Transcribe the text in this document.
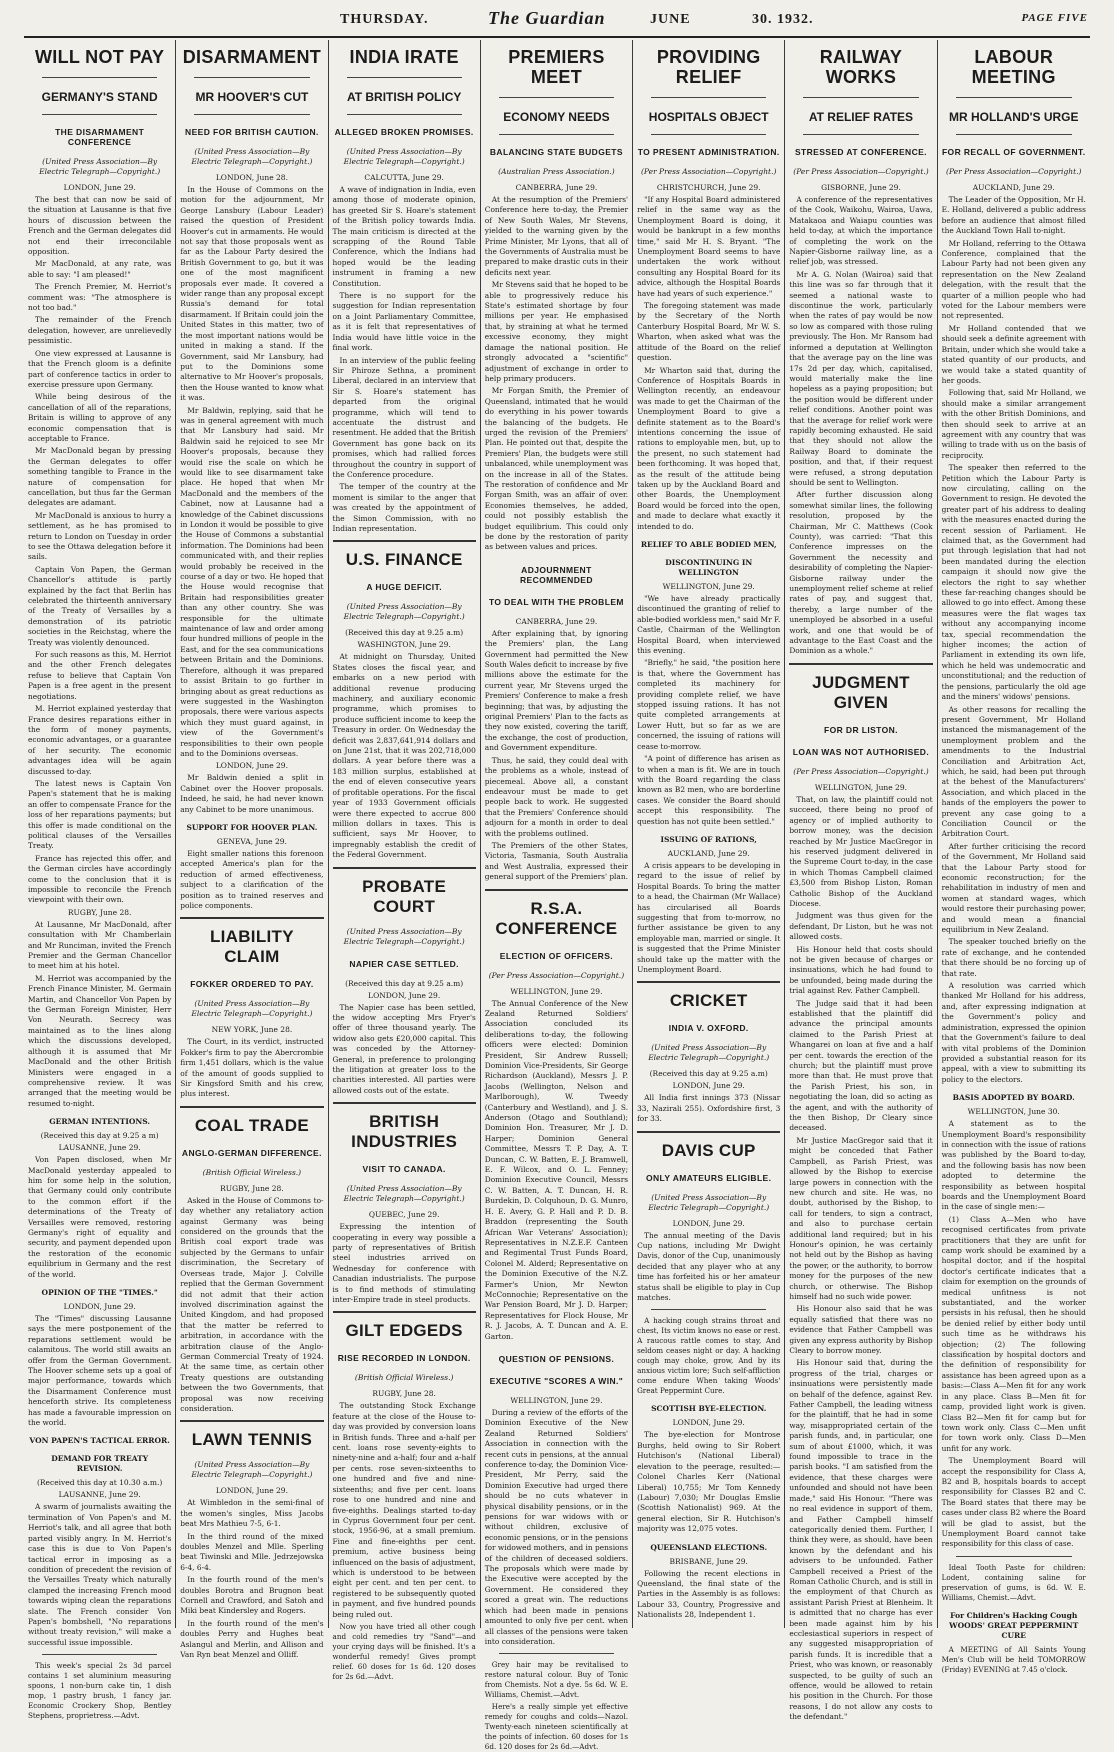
THURSDAY.	The Guardian	JUNE	30. 1932.	PAGE FIVE
WILL NOT PAY
GERMANY'S STAND
THE DISARMAMENT CONFERENCE
(United Press Association—By Electric Telegraph—Copyright.)
LONDON, June 29.

The best that can now be said of the situation at Lausanne is that five hours of discussion between the French and the German delegates did not end their irreconcilable opposition.

Mr MacDonald, at any rate, was able to say: "I am pleased!"

The French Premier, M. Herriot's comment was: "The atmosphere is not too bad."

The remainder of the French delegation, however, are unrelievedly pessimistic.

One view expressed at Lausanne is that the French gloom is a definite part of conference tactics in order to exercise pressure upon Germany.

While being desirous of the cancellation of all of the reparations, Britain is willing to approve of any economic compensation that is acceptable to France.

Mr MacDonald began by pressing the German delegates to offer something tangible to France in the nature of compensation for cancellation, but thus far the German delegates are adamant.

Mr MacDonald is anxious to hurry a settlement, as he has promised to return to London on Tuesday in order to see the Ottawa delegation before it sails.

Captain Von Papen, the German Chancellor's attitude is partly explained by the fact that Berlin has celebrated the thirteenth anniversary of the Treaty of Versailles by a demonstration of its patriotic societies in the Reichstag, where the Treaty was violently denounced.

For such reasons as this, M. Herriot and the other French delegates refuse to believe that Captain Von Papen is a free agent in the present negotiations.

M. Herriot explained yesterday that France desires reparations either in the form of money payments, economic advantages, or a guarantee of her security. The economic advantages idea will be again discussed to-day.

The latest news is Captain Von Papen's statement that he is making an offer to compensate France for the loss of her reparations payments; but this offer is made conditional on the political clauses of the Versailles Treaty.

France has rejected this offer, and the German circles have accordingly come to the conclusion that it is impossible to reconcile the French viewpoint with their own.

RUGBY, June 28.

At Lausanne, Mr MacDonald, after consultation with Mr Chamberlain and Mr Runciman, invited the French Premier and the German Chancellor to meet him at his hotel.

M. Herriot was accompanied by the French Finance Minister, M. Germain Martin, and Chancellor Von Papen by the German Foreign Minister, Herr Von Neurath. Secrecy was maintained as to the lines along which the discussions developed, although it is assumed that Mr MacDonald and the other British Ministers were engaged in a comprehensive review. It was arranged that the meeting would be resumed to-night.

GERMAN INTENTIONS.
(Received this day at 9.25 a m)
LAUSANNE, June 29.

Von Papen disclosed, when Mr MacDonald yesterday appealed to him for some help in the solution, that Germany could only contribute to the common effort if the determinations of the Treaty of Versailles were removed, restoring Germany's right of equality and security, and payment depended upon the restoration of the economic equilibrium in Germany and the rest of the world.

OPINION OF THE "TIMES."
LONDON, June 29.

The "Times" discussing Lausanne says the mere postponement of the reparations settlement would be calamitous. The world still awaits an offer from the German Government. The Hoover scheme sets up a goal of major performance, towards which the Disarmament Conference must henceforth strive. Its completeness has made a favourable impression on the world.

VON PAPEN'S TACTICAL ERROR.
DEMAND FOR TREATY REVISION.
(Received this day at 10.30 a.m.)
LAUSANNE, June 29.

A swarm of journalists awaiting the termination of Von Papen's and M. Herriot's talk, and all agree that both parted visibly angry. In M. Herriot's case this is due to Von Papen's tactical error in imposing as a condition of precedent the revision of the Versailles Treaty which naturally clamped the increasing French mood towards wiping clean the reparations slate. The French consider Von Papen's bombshell, "No reparations without treaty revision," will make a successful issue impossible.

This week's special 2s 3d parcel contains 1 set aluminium measuring spoons, 1 non-burn cake tin, 1 dish mop, 1 pastry brush, 1 fancy jar. Economic Crockery Shop, Bentley Stephens, proprietress.—Advt.

DISARMAMENT
MR HOOVER'S CUT
NEED FOR BRITISH CAUTION.
(United Press Association—By Electric Telegraph—Copyright.)
LONDON, June 28.

In the House of Commons on the motion for the adjournment, Mr George Lansbury (Labour Leader) raised the question of President Hoover's cut in armaments. He would not say that those proposals went as far as the Labour Party desired the British Government to go, but it was one of the most magnificent proposals ever made. It covered a wider range than any proposal except Russia's demand for total disarmament. If Britain could join the United States in this matter, two of the most important nations would be united in making a stand. If the Government, said Mr Lansbury, had put to the Dominions some alternative to Mr Hoover's proposals, then the House wanted to know what it was.

Mr Baldwin, replying, said that he was in general agreement with much that Mr Lansbury had said. Mr Baldwin said he rejoiced to see Mr Hoover's proposals, because they would rise the scale on which he would like to see disarmament take place. He hoped that when Mr MacDonald and the members of the Cabinet, now at Lausanne had a knowledge of the Cabinet discussions in London it would be possible to give the House of Commons a substantial information. The Dominions had been communicated with, and their replies would probably be received in the course of a day or two. He hoped that the House would recognise that Britain had responsibilities greater than any other country. She was responsible for the ultimate maintenance of law and order among four hundred millions of people in the East, and for the sea communications between Britain and the Dominions. Therefore, although it was prepared to assist Britain to go further in bringing about as great reductions as were suggested in the Washington proposals, there were various aspects which they must guard against, in view of the Government's responsibilities to their own people and to the Dominions overseas.

LONDON, June 29.

Mr Baldwin denied a split in Cabinet over the Hoover proposals. Indeed, he said, he had never known any Cabinet to be more unanimous.

SUPPORT FOR HOOVER PLAN.
GENEVA, June 29.

Eight smaller nations this forenoon accepted America's plan for the reduction of armed effectiveness, subject to a clarification of the position as to trained reserves and police components.

LIABILITY CLAIM
FOKKER ORDERED TO PAY.
(United Press Association—By Electric Telegraph—Copyright.)
NEW YORK, June 28.

The Court, in its verdict, instructed Fokker's firm to pay the Abercrombie firm 1,451 dollars, which is the value of the amount of goods supplied to Sir Kingsford Smith and his crew, plus interest.

COAL TRADE
ANGLO-GERMAN DIFFERENCE.
(British Official Wireless.)
RUGBY, June 28.

Asked in the House of Commons to-day whether any retaliatory action against Germany was being considered on the grounds that the British coal export trade was subjected by the Germans to unfair discrimination, the Secretary of Overseas trade, Major J. Colville replied that the German Government did not admit that their action involved discrimination against the United Kingdom, and had proposed that the matter be referred to arbitration, in accordance with the arbitration clause of the Anglo-German Commercial Treaty of 1924. At the same time, as certain other Treaty questions are outstanding between the two Governments, that proposal was now receiving consideration.

LAWN TENNIS
(United Press Association—By Electric Telegraph—Copyright.)
LONDON, June 29.

At Wimbledon in the semi-final of the women's singles, Miss Jacobs beat Mrs Mathieu 7-5, 6-1.

In the third round of the mixed doubles Menzel and Mlle. Sperling beat Tiwinski and Mlle. Jedrzejowska 6-4, 6-4.

In the fourth round of the men's doubles Borotra and Brugnon beat Cornell and Crawford, and Satoh and Miki beat Kindersley and Rogers.

In the fourth round of the men's doubles Perry and Hughes beat Aslangul and Merlin, and Allison and Van Ryn beat Menzel and Olliff.

INDIA IRATE
AT BRITISH POLICY
ALLEGED BROKEN PROMISES.
(United Press Association—By Electric Telegraph—Copyright.)
CALCUTTA, June 29.

A wave of indignation in India, even among those of moderate opinion, has greeted Sir S. Hoare's statement of the British policy towards India. The main criticism is directed at the scrapping of the Round Table Conference, which the Indians had hoped would be the leading instrument in framing a new Constitution.

There is no support for the suggestion for Indian representation on a Joint Parliamentary Committee, as it is felt that representatives of India would have little voice in the final work.

In an interview of the public feeling Sir Phiroze Sethna, a prominent Liberal, declared in an interview that Sir S. Hoare's statement has departed from the original programme, which will tend to accentuate the distrust and resentment. He added that the British Government has gone back on its promises, which had rallied forces throughout the country in support of the Conference procedure.

The temper of the country at the moment is similar to the anger that was created by the appointment of the Simon Commission, with no Indian representation.

U.S. FINANCE
A HUGE DEFICIT.
(United Press Association—By Electric Telegraph—Copyright.)
(Received this day at 9.25 a.m)
WASHINGTON, June 29.

At midnight on Thursday, United States closes the fiscal year, and embarks on a new period with additional revenue producing machinery, and auxiliary economic programme, which promises to produce sufficient income to keep the Treasury in order. On Wednesday the deficit was 2,837,641,914 dollars and on June 21st, that it was 202,718,000 dollars. A year before there was a 183 million surplus, established at the end of eleven consecutive years of profitable operations. For the fiscal year of 1933 Government officials were there expected to accrue 800 million dollars in taxes. This is sufficient, says Mr Hoover, to impregnably establish the credit of the Federal Government.

PROBATE COURT
(United Press Association—By Electric Telegraph—Copyright.)
NAPIER CASE SETTLED.
(Received this day at 9.25 a.m)
LONDON, June 29.

The Napier case has been settled, the widow accepting Mrs Fryer's offer of three thousand yearly. The widow also gets £20,000 capital. This was conceded by the Attorney-General, in preference to prolonging the litigation at greater loss to the charities interested. All parties were allowed costs out of the estate.

BRITISH INDUSTRIES
VISIT TO CANADA.
(United Press Association—By Electric Telegraph—Copyright.)
QUEBEC, June 29.

Expressing the intention of cooperating in every way possible a party of representatives of British steel industries arrived on Wednesday for conference with Canadian industrialists. The purpose is to find methods of stimulating inter-Empire trade in steel products.

GILT EDGEDS
RISE RECORDED IN LONDON.
(British Official Wireless.)
RUGBY, June 28.

The outstanding Stock Exchange feature at the close of the House to-day was provided by conversion loans in British funds. Three and a-half per cent. loans rose seventy-eights to ninety-nine and a-half; four and a-half per cents. rose seven-sixteenths to one hundred and five and nine-sixteenths; and five per cent. loans rose to one hundred and nine and five-eighths. Dealings started to-day in Cyprus Government four per cent. stock, 1956-96, at a small premium. Fine and fine-eighths per cent. premium, active business being influenced on the basis of adjustment, which is understood to be between eight per cent. and ten per cent. to registered to be subsequently quoted in payment, and five hundred pounds being ruled out.

Now you have tried all other cough and cold remedies try "Sand"—and your crying days will be finished. It's a wonderful remedy! Gives prompt relief. 60 doses for 1s 6d. 120 doses for 2s 6d.—Advt.

PREMIERS MEET
ECONOMY NEEDS
BALANCING STATE BUDGETS
(Australian Press Association.)
CANBERRA, June 29.

At the resumption of the Premiers' Conference here to-day, the Premier of New South Wales, Mr Stevens, yielded to the warning given by the Prime Minister, Mr Lyons, that all of the Governments of Australia must be prepared to make drastic cuts in their deficits next year.

Mr Stevens said that he hoped to be able to progressively reduce his State's estimated shortage by four millions per year. He emphasised that, by straining at what he termed excessive economy, they might damage the national position. He strongly advocated a "scientific" adjustment of exchange in order to help primary producers.

Mr Forgan Smith, the Premier of Queensland, intimated that he would do everything in his power towards the balancing of the budgets. He urged the revision of the Premiers' Plan. He pointed out that, despite the Premiers' Plan, the budgets were still unbalanced, while unemployment was on the increase in all of the States. The restoration of confidence and Mr Forgan Smith, was an affair of over. Economies themselves, he added, could not possibly establish the budget equilibrium. This could only be done by the restoration of parity as between values and prices.

ADJOURNMENT RECOMMENDED
TO DEAL WITH THE PROBLEM
CANBERRA, June 29.

After explaining that, by ignoring the Premiers' plan, the Lang Government had permitted the New South Wales deficit to increase by five millions above the estimate for the current year, Mr Stevens urged the Premiers' Conference to make a fresh beginning; that was, by adjusting the original Premiers' Plan to the facts as they now existed, covering the tariff, the exchange, the cost of production, and Government expenditure.

Thus, he said, they could deal with the problems as a whole, instead of piecemeal. Above all, a constant endeavour must be made to get people back to work. He suggested that the Premiers' Conference should adjourn for a month in order to deal with the problems outlined.

The Premiers of the other States, Victoria, Tasmania, South Australia and West Australia, expressed their general support of the Premiers' plan.

R.S.A. CONFERENCE
ELECTION OF OFFICERS.
(Per Press Association—Copyright.)
WELLINGTON, June 29.

The Annual Conference of the New Zealand Returned Soldiers' Association concluded its deliberations to-day, the following officers were elected: Dominion President, Sir Andrew Russell; Dominion Vice-Presidents, Sir George Richardson (Auckland), Messrs J. P. Jacobs (Wellington, Nelson and Marlborough), W. Tweedy (Canterbury and Westland), and J. S. Anderson (Otago and Southland); Dominion Hon. Treasurer, Mr J. D. Harper; Dominion General Committee, Messrs T. P. Day, A. T. Duncan, C. W. Batten, E. J. Bramwell, E. F. Wilcox, and O. L. Fenney; Dominion Executive Council, Messrs C. W. Batten, A. T. Duncan, H. R. Burdekin, D. Colquhoun, D. G. Munro, H. E. Avery, G. P. Hall and P. D. B. Braddon (representing the South African War Veterans' Association); Representatives in N.Z.E.F. Canteen and Regimental Trust Funds Board, Colonel M. Alderd; Representative on the Dominion Executive of the N.Z. Farmer's Union, Mr Newton McConnochie; Representative on the War Pension Board, Mr J. D. Harper; Representatives for Flock House, Mr R. J. Jacobs, A. T. Duncan and A. E. Garton.

QUESTION OF PENSIONS.
EXECUTIVE "SCORES A WIN."
WELLINGTON, June 29.

During a review of the efforts of the Dominion Executive of the New Zealand Returned Soldiers' Association in connection with the recent cuts in pensions, at the annual conference to-day, the Dominion Vice-President, Mr Perry, said the Dominion Executive had urged there should be no cuts whatever in physical disability pensions, or in the pensions for war widows with or without children, exclusive of economic pensions, or in the pensions for widowed mothers, and in pensions of the children of deceased soldiers. The proposals which were made by the Executive were accepted by the Government. He considered they scored a great win. The reductions which had been made in pensions amounted to only five per cent. when all classes of the pensions were taken into consideration.

Grey hair may be revitalised to restore natural colour. Buy of Tonic from Chemists. Not a dye. 5s 6d. W. E. Williams, Chemist.—Advt.

Here's a really simple yet effective remedy for coughs and colds—Nazol. Twenty-each nineteen scientifically at the points of infection. 60 doses for 1s 6d. 120 doses for 2s 6d.—Advt.

PROVIDING RELIEF
HOSPITALS OBJECT
TO PRESENT ADMINISTRATION.
(Per Press Association—Copyright.)
CHRISTCHURCH, June 29.

"If any Hospital Board administered relief in the same way as the Unemployment Board is doing, it would be bankrupt in a few months time," said Mr H. S. Bryant. "The Unemployment Board seems to have undertaken the work without consulting any Hospital Board for its advice, although the Hospital Boards have had years of such experience."

The foregoing statement was made by the Secretary of the North Canterbury Hospital Board, Mr W. S. Wharton, when asked what was the attitude of the Board on the relief question.

Mr Wharton said that, during the Conference of Hospitals Boards in Wellington recently, an endeavour was made to get the Chairman of the Unemployment Board to give a definite statement as to the Board's intentions concerning the issue of rations to employable men, but, up to the present, no such statement had been forthcoming. It was hoped that, as the result of the attitude being taken up by the Auckland Board and other Boards, the Unemployment Board would be forced into the open, and made to declare what exactly it intended to do.

RELIEF TO ABLE BODIED MEN,
DISCONTINUING IN WELLINGTON
WELLINGTON, June 29.

"We have already practically discontinued the granting of relief to able-bodied workless men," said Mr F. Castle, Chairman of the Wellington Hospital Board, when interviewed this evening.

"Briefly," he said, "the position here is that, where the Government has completed its machinery for providing complete relief, we have stopped issuing rations. It has not quite completed arrangements at Lower Hutt, but so far as we are concerned, the issuing of rations will cease to-morrow.

"A point of difference has arisen as to when a man is fit. We are in touch with the Board regarding the class known as B2 men, who are borderline cases. We consider the Board should accept this responsibility. The question has not quite been settled."

ISSUING OF RATIONS,
AUCKLAND, June 29.

A crisis appears to be developing in regard to the issue of relief by Hospital Boards. To bring the matter to a head, the Chairman (Mr Wallace) has circularised all Boards suggesting that from to-morrow, no further assistance be given to any employable man, married or single. It is suggested that the Prime Minister should take up the matter with the Unemployment Board.

CRICKET
INDIA V. OXFORD.
(United Press Association—By Electric Telegraph—Copyright.)
(Received this day at 9.25 a.m)
LONDON, June 29.

All India first innings 373 (Nissar 33, Nazirali 255). Oxfordshire first, 3 for 33.

DAVIS CUP
ONLY AMATEURS ELIGIBLE.
(United Press Association—By Electric Telegraph—Copyright.)
LONDON, June 29.

The annual meeting of the Davis Cup nations, including Mr Dwight Davis, donor of the Cup, unanimously decided that any player who at any time has forfeited his or her amateur status shall be eligible to play in Cup matches.

A hacking cough strains throat and chest, Its victim knows no ease or rest. A raucous rattle comes to stay, And seldom ceases night or day. A hacking cough may choke, grow, And by its anxious victim lore; Such self-affliction come endure When taking Woods' Great Peppermint Cure.

SCOTTISH BYE-ELECTION.
LONDON, June 29.

The bye-election for Montrose Burghs, held owing to Sir Robert Hutchison's (National Liberal) elevation to the peerage, resulted:—Colonel Charles Kerr (National Liberal) 10,755; Mr Tom Kennedy (Labour) 7,030; Mr Douglas Emslie (Scottish Nationalist) 969. At the general election, Sir R. Hutchison's majority was 12,075 votes.

QUEENSLAND ELECTIONS.
BRISBANE, June 29.

Following the recent elections in Queensland, the final state of the Parties in the Assembly is as follows: Labour 33, Country, Progressive and Nationalists 28, Independent 1.

RAILWAY WORKS
AT RELIEF RATES
STRESSED AT CONFERENCE.
(Per Press Association—Copyright.)
GISBORNE, June 29.

A conference of the representatives of the Cook, Waikohu, Wairoa, Uawa, Matakaoa and Waiapu counties was held to-day, at which the importance of completing the work on the Napier-Gisborne railway line, as a relief job, was stressed.

Mr A. G. Nolan (Wairoa) said that this line was so far through that it seemed a national waste to discontinue the work, particularly when the rates of pay would be now so low as compared with those ruling previously. The Hon. Mr Ransom had informed a deputation at Wellington that the average pay on the line was 17s 2d per day, which, capitalised, would materially make the line hopeless as a paying proposition; but the position would be different under relief conditions. Another point was that the average for relief work were rapidly becoming exhausted. He said that they should not allow the Railway Board to dominate the position, and that, if their request were refused, a strong deputation should be sent to Wellington.

After further discussion along somewhat similar lines, the following resolution, proposed by the Chairman, Mr C. Matthews (Cook County), was carried: "That this Conference impresses on the Government the necessity and desirability of completing the Napier-Gisborne railway under the unemployment relief scheme at relief rates of pay, and suggest that, thereby, a large number of the unemployed be absorbed in a useful work, and one that would be of advantage to the East Coast and the Dominion as a whole."

JUDGMENT GIVEN
FOR DR LISTON.
LOAN WAS NOT AUTHORISED.
(Per Press Association—Copyright.)
WELLINGTON, June 29.

That, on law, the plaintiff could not succeed, there being no proof of agency or of implied authority to borrow money, was the decision reached by Mr Justice MacGregor in his reserved judgment delivered in the Supreme Court to-day, in the case in which Thomas Campbell claimed £3,500 from Bishop Liston, Roman Catholic Bishop of the Auckland Diocese.

Judgment was thus given for the defendant, Dr Liston, but he was not allowed costs.

His Honour held that costs should not be given because of charges or insinuations, which he had found to be unfounded, being made during the trial against Rev. Father Campbell.

The Judge said that it had been established that the plaintiff did advance the principal amounts claimed to the Parish Priest at Whangarei on loan at five and a half per cent. towards the erection of the church; but the plaintiff must prove more than that. He must prove that the Parish Priest, his son, in negotiating the loan, did so acting as the agent, and with the authority of the then Bishop, Dr Cleary since deceased.

Mr Justice MacGregor said that it might be conceded that Father Campbell, as Parish Priest, was allowed by the Bishop to exercise large powers in connection with the new church and site. He was, no doubt, authorised by the Bishop, to call for tenders, to sign a contract, and also to purchase certain additional land required; but in his Honour's opinion, he was certainly not held out by the Bishop as having the power, or the authority, to borrow money for the purposes of the new church, or otherwise. The Bishop himself had no such wide power.

His Honour also said that he was equally satisfied that there was no evidence that Father Campbell was given any express authority by Bishop Cleary to borrow money.

His Honour said that, during the progress of the trial, charges or insinuations were persistently made on behalf of the defence, against Rev. Father Campbell, the leading witness for the plaintiff, that he had in some way, misappropriated certain of the parish funds, and, in particular, one sum of about £1000, which, it was found impossible to trace in the parish books. "I am satisfied from the evidence, that these charges were unfounded and should not have been made," said His Honour. "There was no real evidence in support of them, and Father Campbell himself categorically denied them. Further, I think they were, as should, have been known by the defendant and his advisers to be unfounded. Father Campbell received a Priest of the Roman Catholic Church, and is still in the employment of that Church as assistant Parish Priest at Blenheim. It is admitted that no charge has ever been made against him by his ecclesiastical superiors in respect of any suggested misappropriation of parish funds. It is incredible that a Priest, who was known, or reasonably suspected, to be guilty of such an offence, would be allowed to retain his position in the Church. For those reasons, I do not allow any costs to the defendant."

LABOUR MEETING
MR HOLLAND'S URGE
FOR RECALL OF GOVERNMENT.
(Per Press Association—Copyright.)
AUCKLAND, June 29.

The Leader of the Opposition, Mr H. E. Holland, delivered a public address before an audience that almost filled the Auckland Town Hall to-night.

Mr Holland, referring to the Ottawa Conference, complained that the Labour Party had not been given any representation on the New Zealand delegation, with the result that the quarter of a million people who had voted for the Labour members were not represented.

Mr Holland contended that we should seek a definite agreement with Britain, under which she would take a stated quantity of our products, and we would take a stated quantity of her goods.

Following that, said Mr Holland, we should make a similar arrangement with the other British Dominions, and then should seek to arrive at an agreement with any country that was willing to trade with us on the basis of reciprocity.

The speaker then referred to the Petition which the Labour Party is now circulating, calling on the Government to resign. He devoted the greater part of his address to dealing with the measures enacted during the recent session of Parliament. He claimed that, as the Government had put through legislation that had not been mandated during the election campaign it should now give the electors the right to say whether these far-reaching changes should be allowed to go into effect. Among these measures were the flat wages tax without any accompanying income tax, special recommendation the higher incomes; the action of Parliament in extending its own life, which he held was undemocratic and unconstitutional; and the reduction of the pensions, particularly the old age and the miners' widows' pensions.

As other reasons for recalling the present Government, Mr Holland instanced the mismanagement of the unemployment problem and the amendments to the Industrial Conciliation and Arbitration Act, which, he said, had been put through at the behest of the Manufacturers' Association, and which placed in the hands of the employers the power to prevent any case going to a Conciliation Council or the Arbitration Court.

After further criticising the record of the Government, Mr Holland said that the Labour Party stood for economic reconstruction; for the rehabilitation in industry of men and women at standard wages, which would restore their purchasing power, and would mean a financial equilibrium in New Zealand.

The speaker touched briefly on the rate of exchange, and he contended that there should be no forcing up of that rate.

A resolution was carried which thanked Mr Holland for his address, and, after expressing indignation at the Government's policy and administration, expressed the opinion that the Government's failure to deal with vital problems of the Dominion provided a substantial reason for its appeal, with a view to submitting its policy to the electors.

BASIS ADOPTED BY BOARD.
WELLINGTON, June 30.

A statement as to the Unemployment Board's responsibility in connection with the issue of rations was published by the Board to-day, and the following basis has now been adopted to determine the responsibility as between hospital boards and the Unemployment Board in the case of single men:—

(1) Class A—Men who have recognised certificates from private practitioners that they are unfit for camp work should be examined by a hospital doctor, and if the hospital doctor's certificate indicates that a claim for exemption on the grounds of medical unfitness is not substantiated, and the worker persists in his refusal, then he should be denied relief by either body until such time as he withdraws his objection; (2) The following classification by hospital doctors and the definition of responsibility for assistance has been agreed upon as a basis:—Class A—Men fit for any work in any place. Class B—Men fit for camp, provided light work is given. Class B2—Men fit for camp but for town work only. Class C—Men unfit for town work only. Class D—Men unfit for any work.

The Unemployment Board will accept the responsibility for Class A, B2 and B, hospitals boards to accept responsibility for Classes B2 and C. The Board states that there may be cases under class B2 where the Board will be glad to assist, but the Unemployment Board cannot take responsibility for this class of case.

Ideal Tooth Paste for children: Lodent, containing saline for preservation of gums, is 6d. W. E. Williams, Chemist.—Advt.

For Children's Hacking Cough WOODS' GREAT PEPPERMINT CURE

A MEETING of All Saints Young Men's Club will be held TOMORROW (Friday) EVENING at 7.45 o'clock.
